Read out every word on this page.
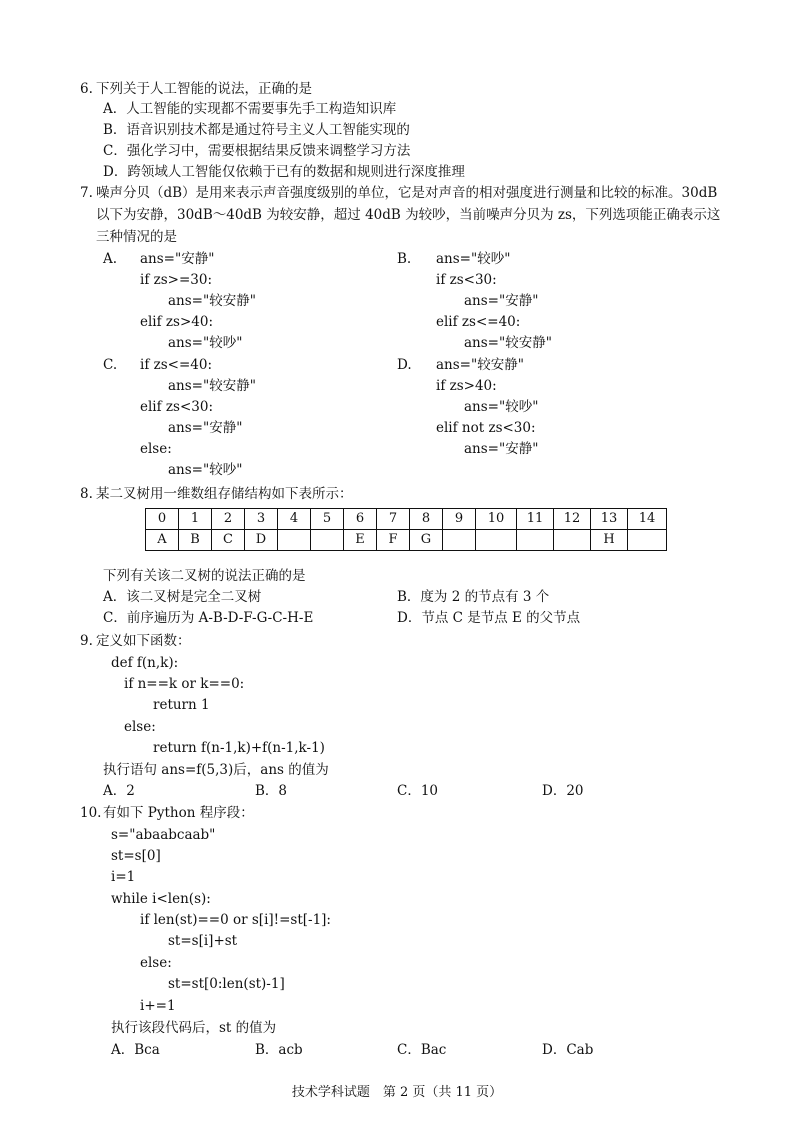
6. 下列关于人工智能的说法，正确的是
A．人工智能的实现都不需要事先手工构造知识库
B．语音识别技术都是通过符号主义人工智能实现的
C．强化学习中，需要根据结果反馈来调整学习方法
D．跨领域人工智能仅依赖于已有的数据和规则进行深度推理
7. 噪声分贝（dB）是用来表示声音强度级别的单位，它是对声音的相对强度进行测量和比较的标准。30dB
以下为安静，30dB～40dB 为较安静，超过 40dB 为较吵，当前噪声分贝为 zs，下列选项能正确表示这
三种情况的是
A. ans="安静"
if zs>=30:
ans="较安静"
elif zs>40:
ans="较吵"
B. ans="较吵"
if zs<30:
ans="安静"
elif zs<=40:
ans="较安静"
C. if zs<=40:
ans="较安静"
elif zs<30:
ans="安静"
else:
ans="较吵"
D. ans="较安静"
if zs>40:
ans="较吵"
elif not zs<30:
ans="安静"
8. 某二叉树用一维数组存储结构如下表所示：
0	1	2	3	4	5	6	7	8	9	10	11	12	13	14
A	B	C	D			E	F	G					H	
下列有关该二叉树的说法正确的是
A．该二叉树是完全二叉树	B．度为 2 的节点有 3 个
C．前序遍历为 A-B-D-F-G-C-H-E	D．节点 C 是节点 E 的父节点
9. 定义如下函数：
def f(n,k):
if n==k or k==0:
return 1
else:
return f(n-1,k)+f(n-1,k-1)
执行语句 ans=f(5,3)后，ans 的值为
A．2	B．8	C．10	D．20
10. 有如下 Python 程序段：
s="abaabcaab"
st=s[0]
i=1
while i<len(s):
if len(st)==0 or s[i]!=st[-1]:
st=s[i]+st
else:
st=st[0:len(st)-1]
i+=1
执行该段代码后，st 的值为
A．Bca	B．acb	C．Bac	D．Cab
技术学科试题　第 2 页（共 11 页）
